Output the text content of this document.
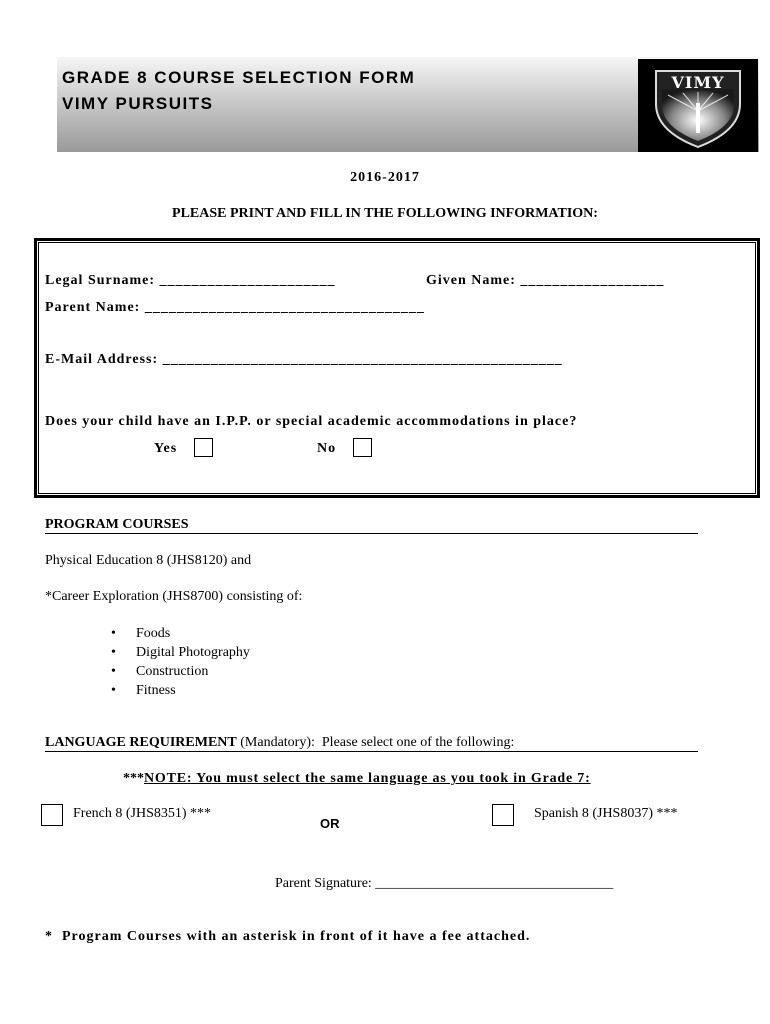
GRADE 8 COURSE SELECTION FORM
VIMY PURSUITS
VIMY
2016-2017
PLEASE PRINT AND FILL IN THE FOLLOWING INFORMATION:
Legal Surname: ______________________	Given Name: __________________
Parent Name: ___________________________________
E-Mail Address: __________________________________________________
Does your child have an I.P.P. or special academic accommodations in place?
Yes	No
PROGRAM COURSES
Physical Education 8 (JHS8120) and
*Career Exploration (JHS8700) consisting of:
• Foods
• Digital Photography
• Construction
• Fitness
LANGUAGE REQUIREMENT (Mandatory):  Please select one of the following:
***NOTE: You must select the same language as you took in Grade 7:
French 8 (JHS8351) ***
OR
Spanish 8 (JHS8037) ***
Parent Signature: __________________________________
*  Program Courses with an asterisk in front of it have a fee attached.
